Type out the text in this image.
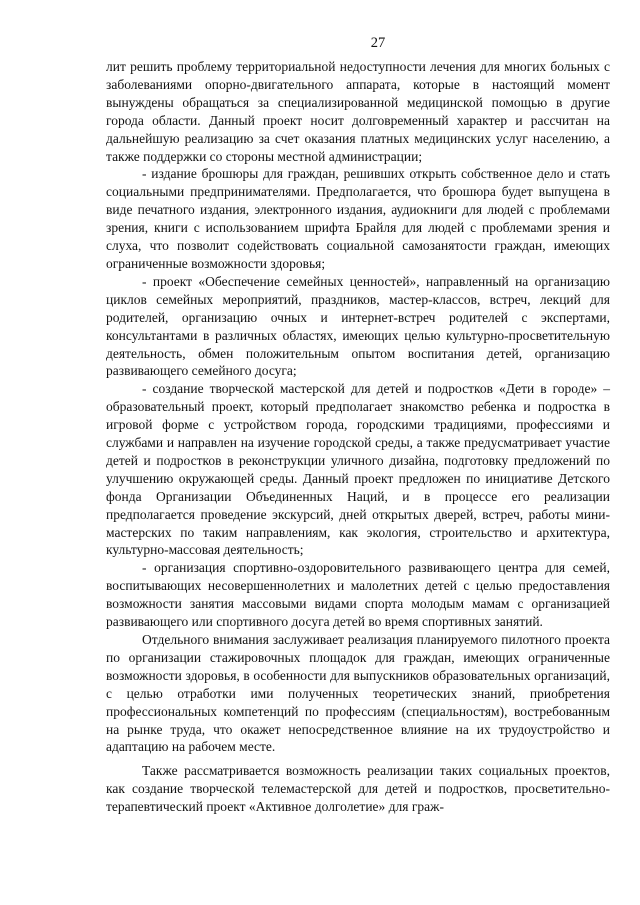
27

лит решить проблему территориальной недоступности лечения для многих больных с заболеваниями опорно-двигательного аппарата, которые в настоящий момент вынуждены обращаться за специализированной медицинской помощью в другие города области. Данный проект носит долговременный характер и рассчитан на дальнейшую реализацию за счет оказания платных медицинских услуг населению, а также поддержки со стороны местной администрации;

- издание брошюры для граждан, решивших открыть собственное дело и стать социальными предпринимателями. Предполагается, что брошюра будет выпущена в виде печатного издания, электронного издания, аудиокниги для людей с проблемами зрения, книги с использованием шрифта Брайля для людей с проблемами зрения и слуха, что позволит содействовать социальной самозанятости граждан, имеющих ограниченные возможности здоровья;

- проект «Обеспечение семейных ценностей», направленный на организацию циклов семейных мероприятий, праздников, мастер-классов, встреч, лекций для родителей, организацию очных и интернет-встреч родителей с экспертами, консультантами в различных областях, имеющих целью культурно-просветительную деятельность, обмен положительным опытом воспитания детей, организацию развивающего семейного досуга;

- создание творческой мастерской для детей и подростков «Дети в городе» – образовательный проект, который предполагает знакомство ребенка и подростка в игровой форме с устройством города, городскими традициями, профессиями и службами и направлен на изучение городской среды, а также предусматривает участие детей и подростков в реконструкции уличного дизайна, подготовку предложений по улучшению окружающей среды. Данный проект предложен по инициативе Детского фонда Организации Объединенных Наций, и в процессе его реализации предполагается проведение экскурсий, дней открытых дверей, встреч, работы мини-мастерских по таким направлениям, как экология, строительство и архитектура, культурно-массовая деятельность;

- организация спортивно-оздоровительного развивающего центра для семей, воспитывающих несовершеннолетних и малолетних детей с целью предоставления возможности занятия массовыми видами спорта молодым мамам с организацией развивающего или спортивного досуга детей во время спортивных занятий.

Отдельного внимания заслуживает реализация планируемого пилотного проекта по организации стажировочных площадок для граждан, имеющих ограниченные возможности здоровья, в особенности для выпускников образовательных организаций, с целью отработки ими полученных теоретических знаний, приобретения профессиональных компетенций по профессиям (специальностям), востребованным на рынке труда, что окажет непосредственное влияние на их трудоустройство и адаптацию на рабочем месте.

Также рассматривается возможность реализации таких социальных проектов, как создание творческой телемастерской для детей и подростков, просветительно-терапевтический проект «Активное долголетие» для граж-
